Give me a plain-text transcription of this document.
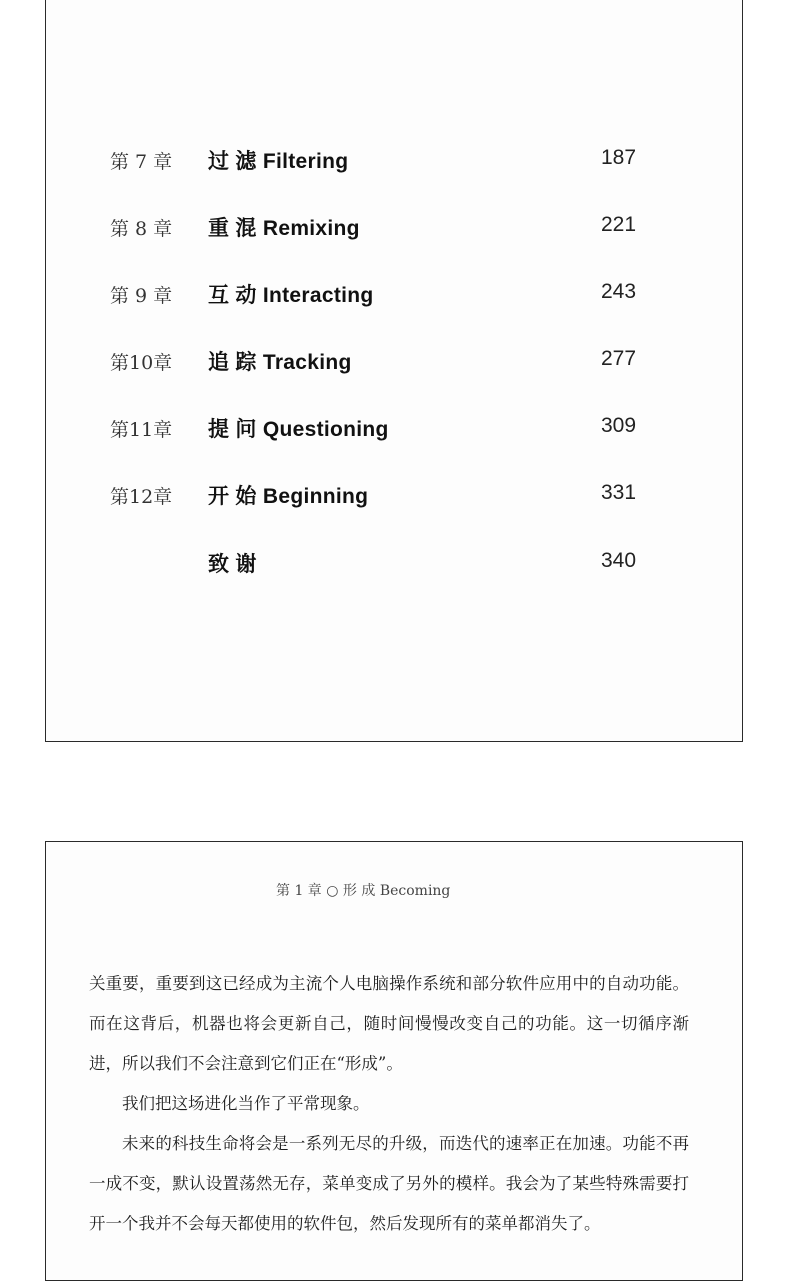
第 7 章 过 滤 Filtering	187
第 8 章 重 混 Remixing	221
第 9 章 互 动 Interacting	243
第10章 追 踪 Tracking	277
第11章 提 问 Questioning	309
第12章 开 始 Beginning	331
致 谢	340
第 1 章 ○ 形 成 Becoming

关重要，重要到这已经成为主流个人电脑操作系统和部分软件应用中的自动功能。而在这背后，机器也将会更新自己，随时间慢慢改变自己的功能。这一切循序渐进，所以我们不会注意到它们正在“形成”。

我们把这场进化当作了平常现象。

未来的科技生命将会是一系列无尽的升级，而迭代的速率正在加速。功能不再一成不变，默认设置荡然无存，菜单变成了另外的模样。我会为了某些特殊需要打开一个我并不会每天都使用的软件包，然后发现所有的菜单都消失了。
